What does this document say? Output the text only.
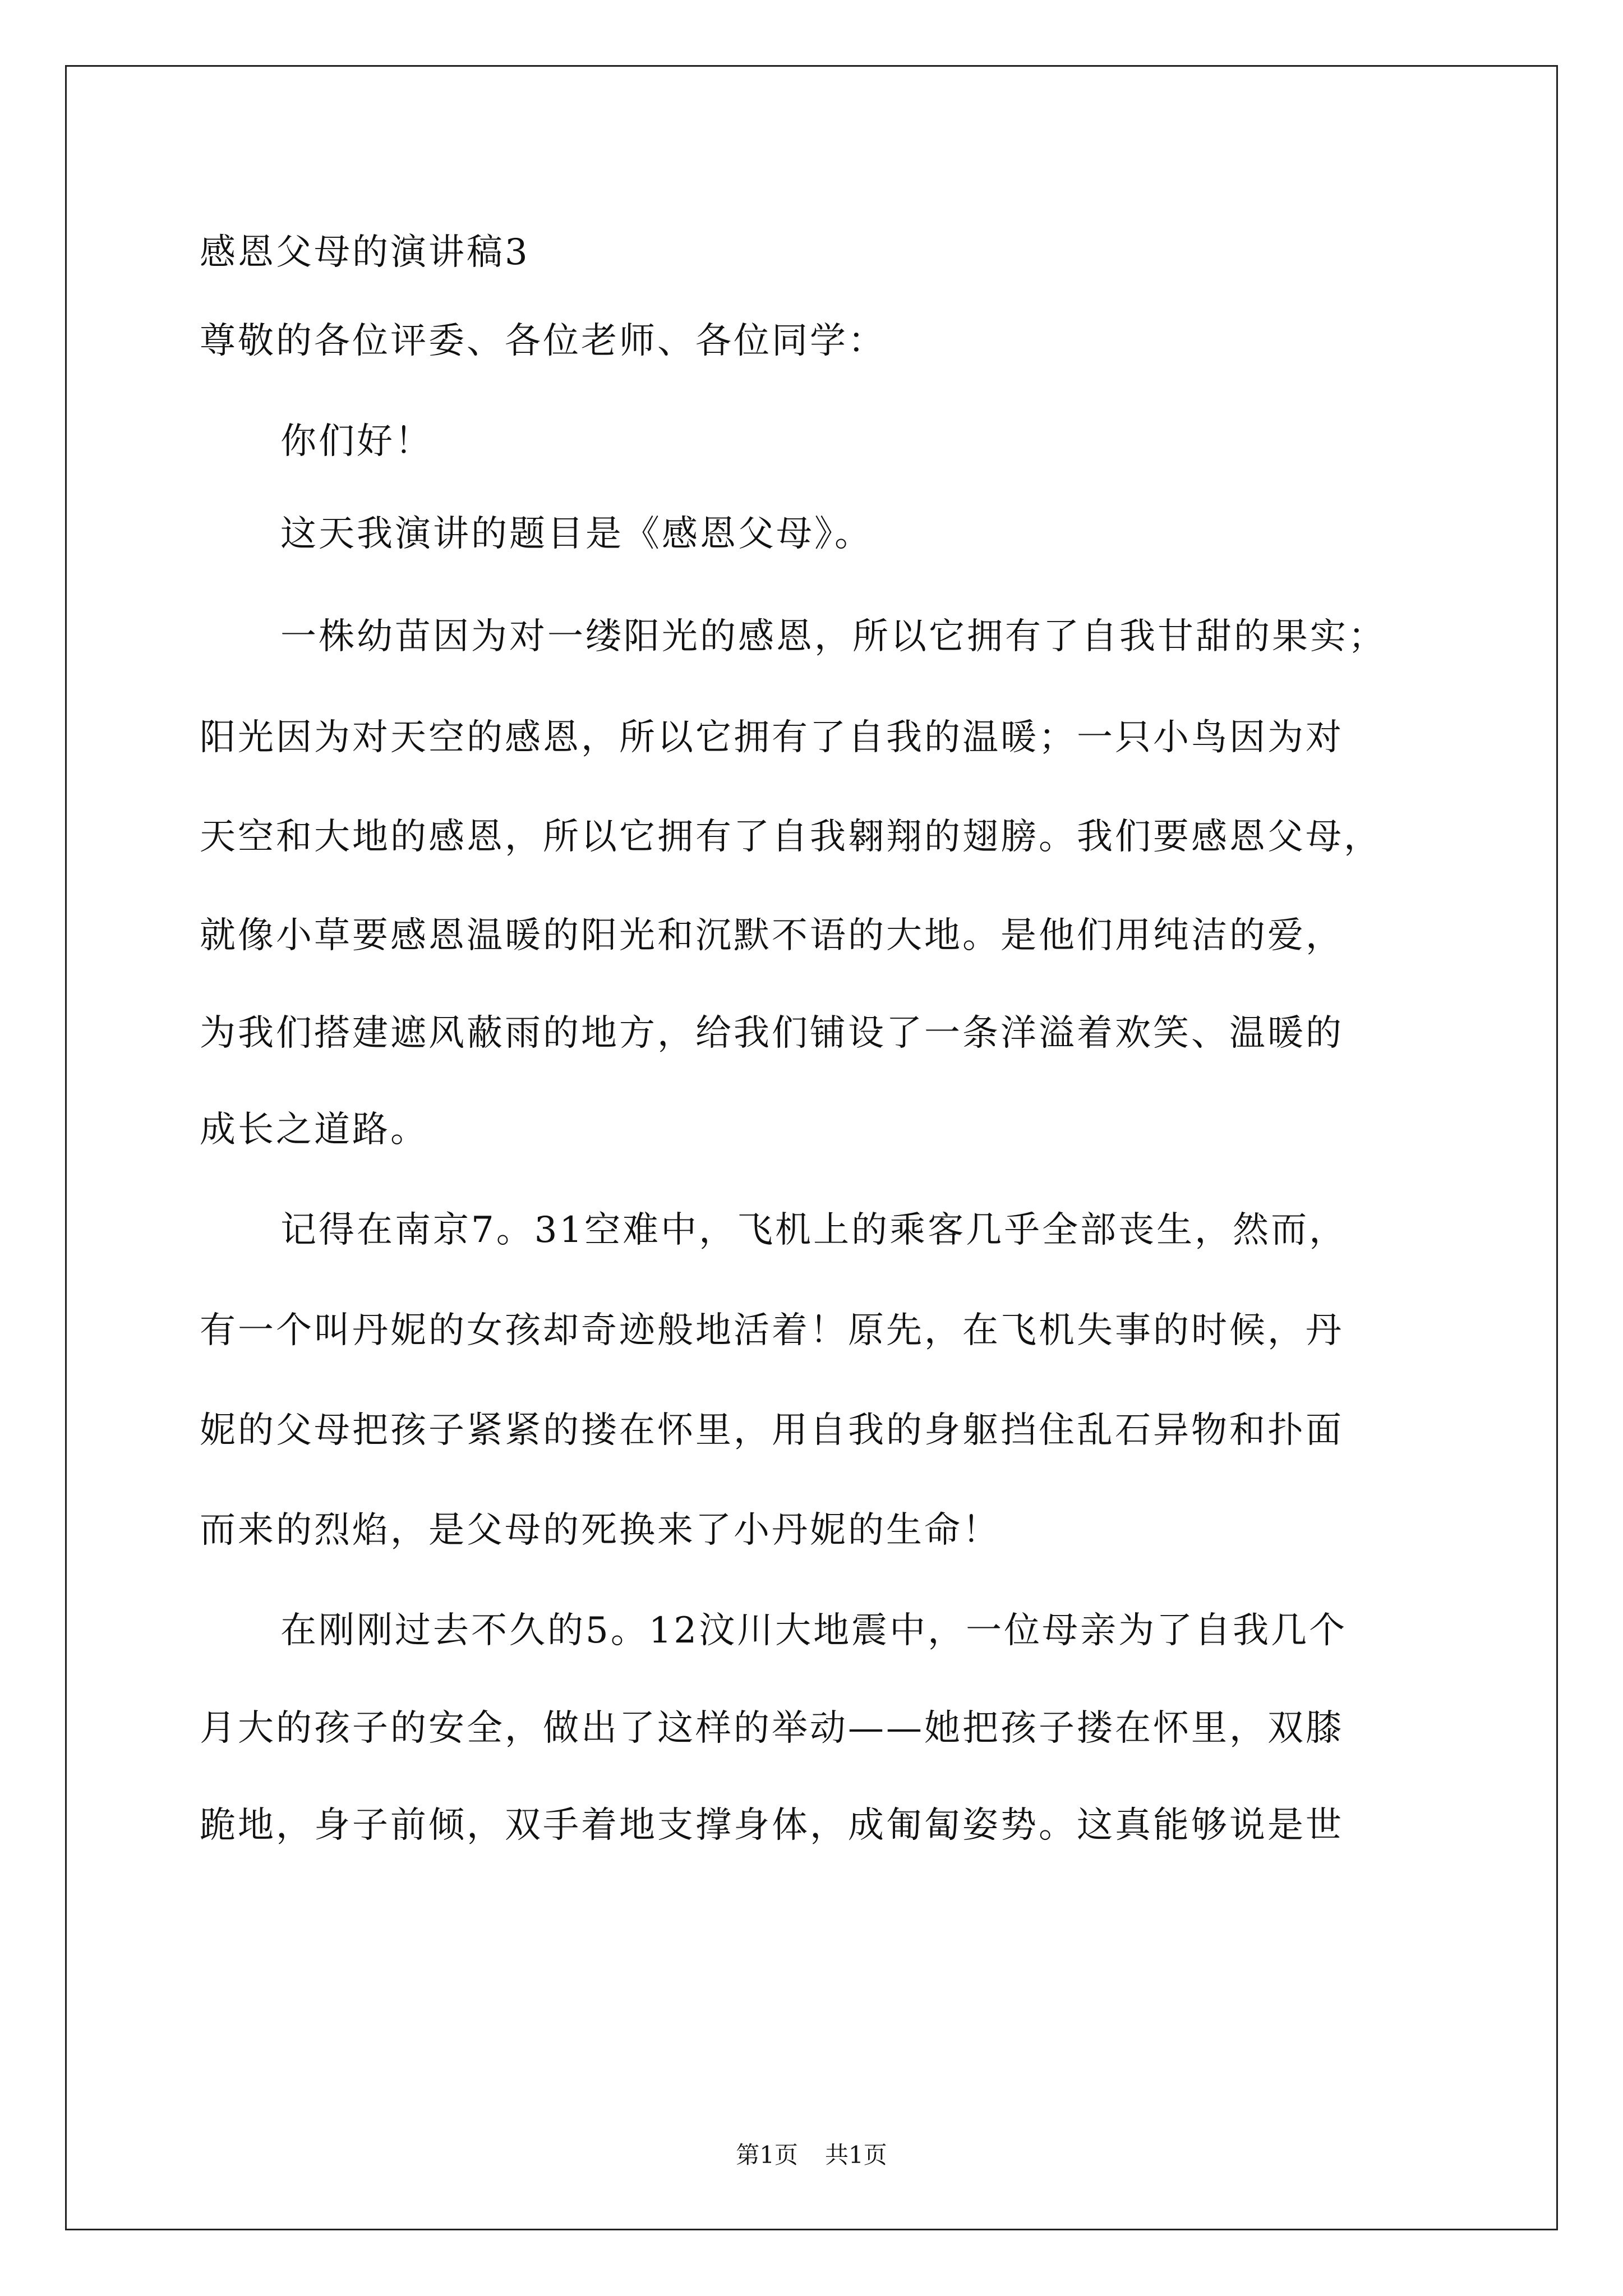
感恩父母的演讲稿3
尊敬的各位评委、各位老师、各位同学：
你们好！
这天我演讲的题目是《感恩父母》。
一株幼苗因为对一缕阳光的感恩，所以它拥有了自我甘甜的果实；
阳光因为对天空的感恩，所以它拥有了自我的温暖；一只小鸟因为对
天空和大地的感恩，所以它拥有了自我翱翔的翅膀。我们要感恩父母，
就像小草要感恩温暖的阳光和沉默不语的大地。是他们用纯洁的爱，
为我们搭建遮风蔽雨的地方，给我们铺设了一条洋溢着欢笑、温暖的
成长之道路。
记得在南京7。31空难中，飞机上的乘客几乎全部丧生，然而，
有一个叫丹妮的女孩却奇迹般地活着！原先，在飞机失事的时候，丹
妮的父母把孩子紧紧的搂在怀里，用自我的身躯挡住乱石异物和扑面
而来的烈焰，是父母的死换来了小丹妮的生命！
在刚刚过去不久的5。12汶川大地震中，一位母亲为了自我几个
月大的孩子的安全，做出了这样的举动——她把孩子搂在怀里，双膝
跪地，身子前倾，双手着地支撑身体，成匍匐姿势。这真能够说是世
第1页 共1页
